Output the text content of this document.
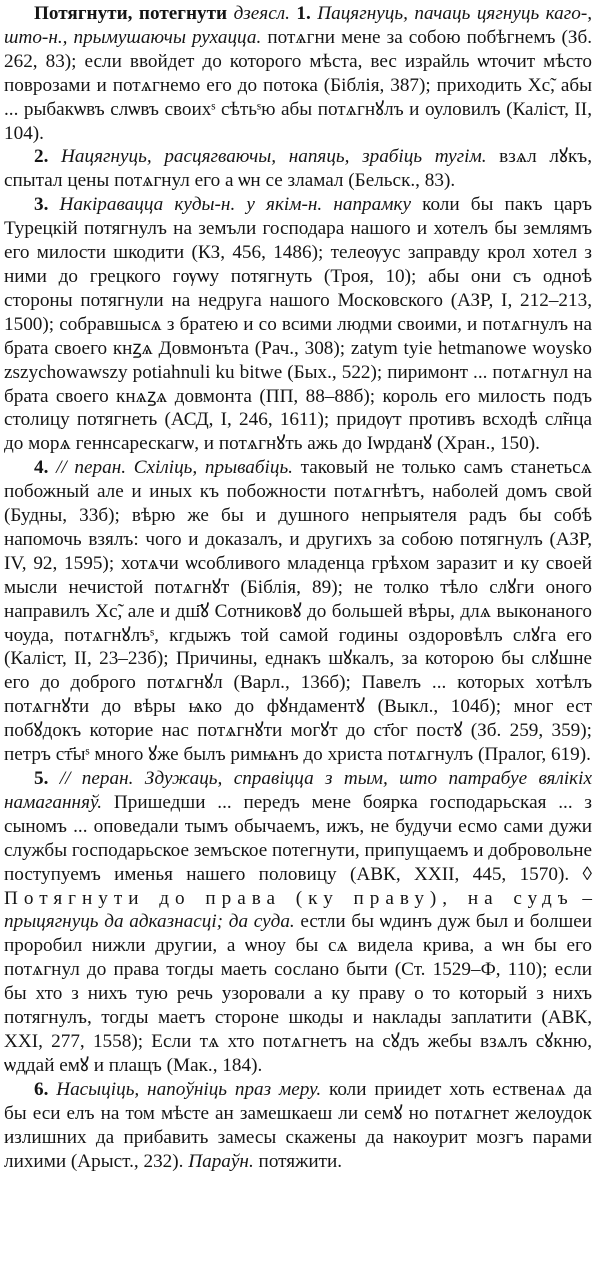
Потягнути, потегнути дзеясл. 1. Пацягнуць, пачаць цягнуць каго-, што-н., прымушаючы рухацца. потѧгни мене за собою побѣгнемъ (Зб. 262, 83); если ввойдет до которого мѣста, вес израйль ѡточит мѣсто поврозами и потѧгнемо его до потока (Біблія, 387); приходить Хс̃, абы ... рыбакѡвъ слѡвъ своихˢ сѣтьˢю абы потѧгнꙋлъ и оуловилъ (Каліст, II, 104).

2. Нацягнуць, расцягваючы, напяць, зрабіць тугім. взѧл лꙋкъ, спытал цены потѧгнул его а ѡн се зламал (Бельск., 83).

3. Накіравацца куды-н. у якім-н. напрамку коли бы пакъ царъ Турецкій потягнулъ на земъли господара нашого и хотелъ бы землямъ его милости шкодити (КЗ, 456, 1486); телеѹус заправду крол хотел з ними до грецкого гѹѡу потягнуть (Троя, 10); абы они съ одноѣ стороны потягнули на недруга нашого Московского (АЗР, I, 212–213, 1500); собравшысѧ з братею и со всими людми своими, и потѧгнулъ на брата своего кнꙁѧ Довмонъта (Рач., 308); zatym tyie hetmanowe woysko zszychowawszy potiahnuli ku bitwe (Бых., 522); пиримонт ... потѧгнул на брата своего кнѧꙁѧ довмонта (ПП, 88–88б); король его милость подъ столицу потягнеть (АСД, I, 246, 1611); придѹт противъ всходѣ сл̃нца до морѧ геннсарескагѡ, и потѧгнꙋть ажь до Іѡрданꙋ (Хран., 150).

4. // перан. Схіліць, прывабіць. таковый не только самъ станетьсѧ побожный але и иных къ побожности потѧгнѣтъ, наболей домъ свой (Будны, 33б); вѣрю же бы и душного непрыятеля радъ бы собѣ напомочь взялъ: чого и доказалъ, и другихъ за собою потягнулъ (АЗР, IV, 92, 1595); хотѧчи ѡсобливого младенца грѣхом заразит и ку своей мысли нечистой потѧгнꙋт (Біблія, 89); не толко тѣло слꙋги оного направилъ Хс̃, але и дш҃ꙋ Сотниковꙋ до большей вѣры, длѧ выконаного чоуда, потѧгнꙋлъˢ, кгдыжъ той самой годины оздоровѣлъ слꙋга его (Каліст, II, 23–23б); Причины, еднакъ шꙋкалъ, за которою бы слꙋшне его до доброго потѧгнꙋл (Варл., 136б); Павелъ ... которых хотѣлъ потѧгнꙋти до вѣры ѩко до фꙋндаментꙋ (Выкл., 104б); мног ест побꙋдокъ которие нас потѧгнꙋти могꙋт до ст҃ог постꙋ (Зб. 259, 359); петръ ст҃ыˢ много ꙋже былъ римѩнъ до христа потѧгнулъ (Пралог, 619).

5. // перан. Здужаць, справіцца з тым, што патрабуе вялікіх намаганняў. Пришедши ... передъ мене боярка господарьская ... з сыномъ ... оповедали тымъ обычаемъ, ижъ, не будучи есмо сами дужи службы господарьское земъское потегнути, припущаемъ и добровольне поступуемъ именья нашего половицу (АВК, XXII, 445, 1570). ◊ Потягнути до права (ку праву), на судъ – прыцягнуць да адказнасці; да суда. естли бы ѡдинъ дуж был и болшеи проробил нижли другии, а ѡноу бы сѧ видела крива, а ѡн бы его потѧгнул до права тогды маеть сослано быти (Ст. 1529–Ф, 110); если бы хто з нихъ тую речь узоровали а ку праву о то который з нихъ потягнулъ, тогды маетъ стороне шкоды и наклады заплатити (АВК, XXI, 277, 1558); Если тѧ хто потѧгнетъ на сꙋдъ жебы взѧлъ сꙋкню, ѡддай емꙋ и плащъ (Мак., 184).

6. Насыціць, напоўніць праз меру. коли приидет хоть ественаѧ да бы еси елъ на том мѣсте ан замешкаеш ли семꙋ но потѧгнет желоудок излишних да прибавить замесы скажены да накоурит мозгъ парами лихими (Арыст., 232). Параўн. потяжити.
